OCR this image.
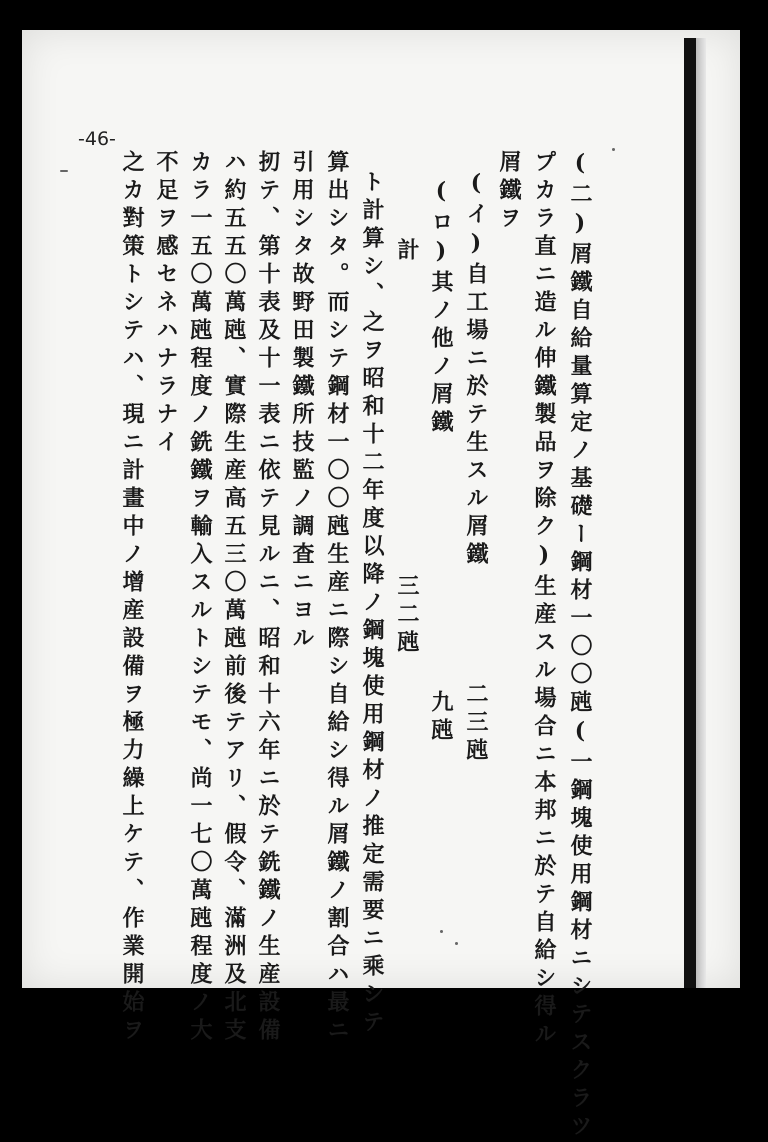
-46-
(二)屑鐵自給量算定ノ基礎ー鋼材一〇〇瓲(一鋼塊使用鋼材ニシテスクラツ
プカラ直ニ造ル伸鐵製品ヲ除ク)生産スル場合ニ本邦ニ於テ自給シ得ル
屑鐵ヲ
(イ)自工場ニ於テ生スル屑鐵　　　　二三瓲
(ロ)其ノ他ノ屑鐵　　　　　　　　　九瓲
計　　　　　　　　　　　三二瓲
ト計算シ、之ヲ昭和十二年度以降ノ鋼塊使用鋼材ノ推定需要ニ乘シテ
算出シタ。而シテ鋼材一〇〇瓲生産ニ際シ自給シ得ル屑鐵ノ割合ハ最ニ
引用シタ故野田製鐵所技監ノ調査ニヨル
扨テ、第十表及十一表ニ依テ見ルニ、昭和十六年ニ於テ銑鐵ノ生産設備
ハ約五五〇萬瓲、實際生産高五三〇萬瓲前後テアリ、假令、滿洲及北支
カラ一五〇萬瓲程度ノ銑鐵ヲ輸入スルトシテモ、尚一七〇萬瓲程度ノ大
不足ヲ感セネハナラナイ
之カ對策トシテハ、現ニ計畫中ノ增産設備ヲ極力繰上ケテ、作業開始ヲ
